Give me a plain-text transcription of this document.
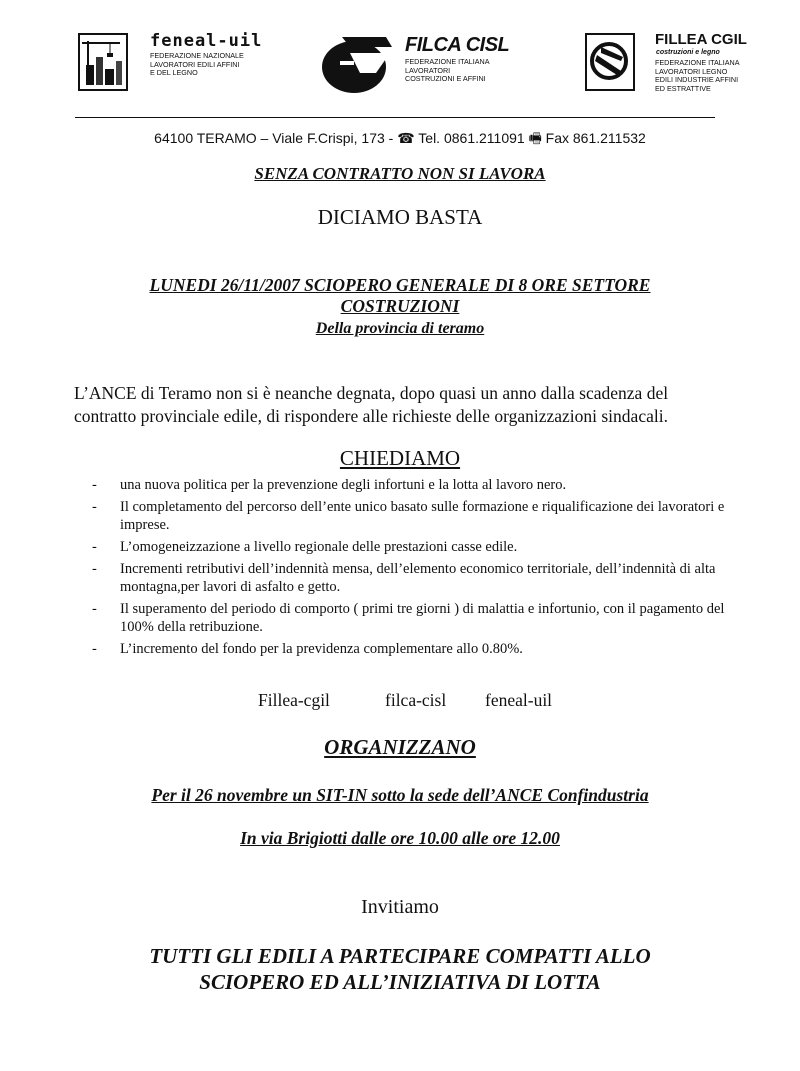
feneal-uil
FEDERAZIONE NAZIONALE
LAVORATORI EDILI AFFINI
E DEL LEGNO
FILCA CISL
FEDERAZIONE ITALIANA
LAVORATORI
COSTRUZIONI E AFFINI
FILLEA CGIL
costruzioni e legno
FEDERAZIONE ITALIANA
LAVORATORI LEGNO
EDILI INDUSTRIE AFFINI
ED ESTRATTIVE
64100 TERAMO – Viale F.Crispi, 173 - ☎ Tel. 0861.211091 🖷 Fax 861.211532
SENZA CONTRATTO NON SI LAVORA
DICIAMO BASTA
LUNEDI 26/11/2007 SCIOPERO GENERALE DI 8 ORE SETTORE
COSTRUZIONI
Della provincia di teramo
L’ANCE di Teramo non si è neanche degnata, dopo quasi un anno dalla scadenza del contratto provinciale edile, di rispondere alle richieste delle organizzazioni sindacali.
CHIEDIAMO
- una nuova politica per la prevenzione degli infortuni e la lotta al lavoro nero.
- Il completamento del percorso dell’ente unico basato sulle formazione e riqualificazione dei lavoratori e imprese.
- L’omogeneizzazione a livello regionale delle prestazioni casse edile.
- Incrementi retributivi dell’indennità mensa, dell’elemento economico territoriale, dell’indennità di alta montagna,per lavori di asfalto e getto.
- Il superamento del periodo di comporto ( primi tre giorni ) di malattia e infortunio, con il pagamento del 100% della retribuzione.
- L’incremento del fondo per la previdenza complementare allo 0.80%.
Fillea-cgil	filca-cisl feneal-uil
ORGANIZZANO
Per il 26 novembre un SIT-IN sotto la sede dell’ANCE Confindustria
In via Brigiotti dalle ore 10.00 alle ore 12.00
Invitiamo
TUTTI GLI EDILI A PARTECIPARE COMPATTI ALLO
SCIOPERO ED ALL’INIZIATIVA DI LOTTA
